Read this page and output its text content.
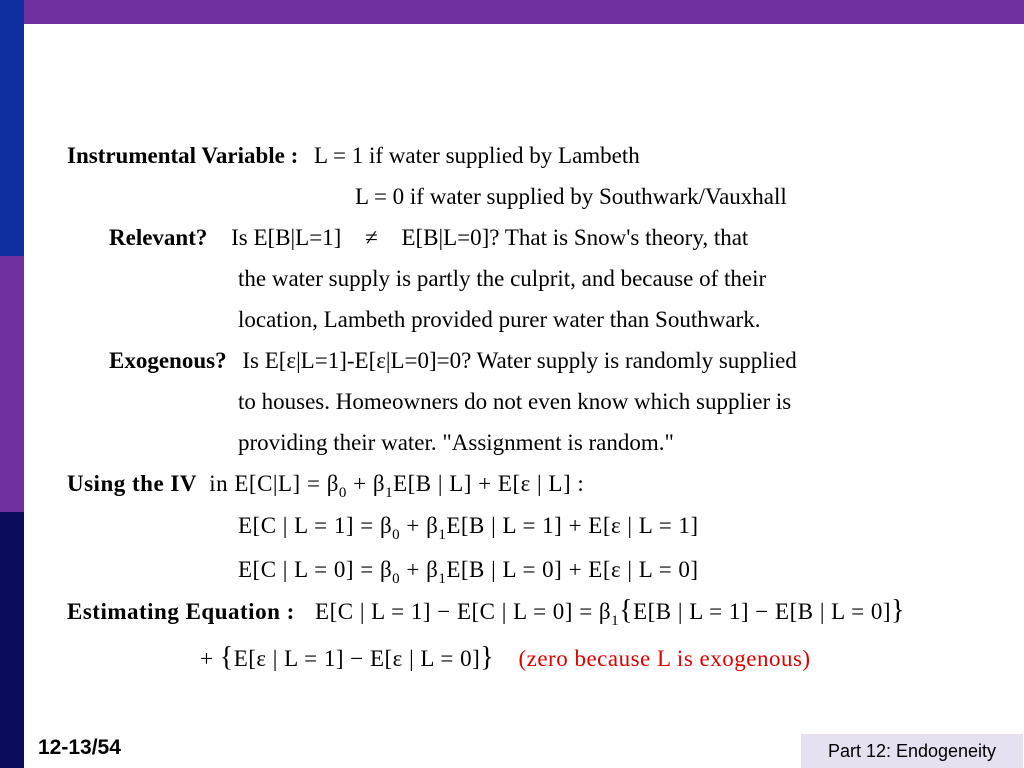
Instrumental Variable : L = 1 if water supplied by Lambeth
L = 0 if water supplied by Southwark/Vauxhall
Relevant? Is E[B|L=1] ≠ E[B|L=0]? That is Snow's theory, that
the water supply is partly the culprit, and because of their
location, Lambeth provided purer water than Southwark.
Exogenous? Is E[ε|L=1]-E[ε|L=0]=0? Water supply is randomly supplied
to houses. Homeowners do not even know which supplier is
providing their water. "Assignment is random."
Using the IV in $E[C|L] = \beta_0 + \beta_1E[B$ | L] + E[ε | L] :
E[C | $L = 1] = \beta_0 + \beta_1E[B$ | L = 1] + E[ε | L = 1]
E[C | $L = 0] = \beta_0 + \beta_1E[B$ | L = 0] + E[ε | L = 0]
Estimating Equation : E[C | L = 1] − E[C | $L = 0] = \beta_1\{E[B$ | L = 1] − E[B | L = 0]}
+ {E[ε | L = 1] − E[ε | L = 0]} (zero because L is exogenous)
12-13/54	Part 12: Endogeneity
